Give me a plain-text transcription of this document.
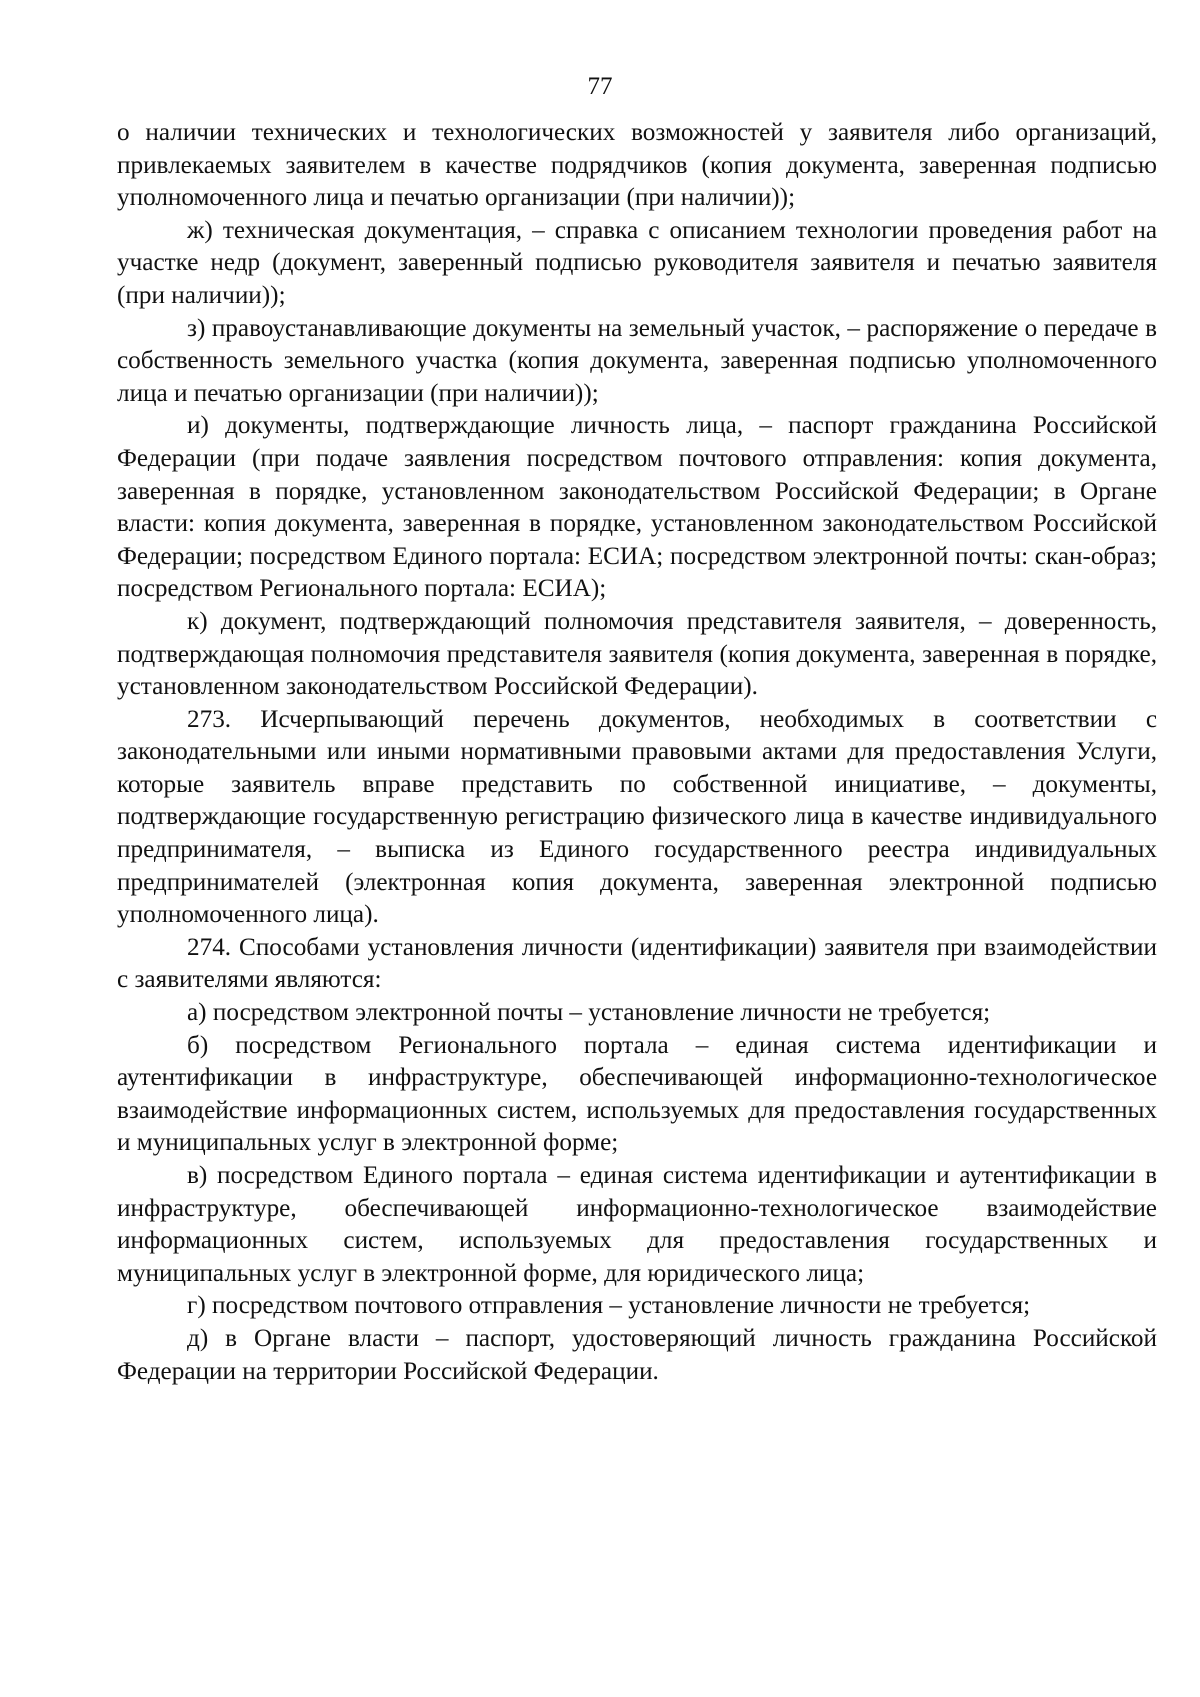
77

о наличии технических и технологических возможностей у заявителя либо организаций, привлекаемых заявителем в качестве подрядчиков (копия документа, заверенная подписью уполномоченного лица и печатью организации (при наличии));

ж) техническая документация, – справка с описанием технологии проведения работ на участке недр (документ, заверенный подписью руководителя заявителя и печатью заявителя (при наличии));

з) правоустанавливающие документы на земельный участок, – распоряжение о передаче в собственность земельного участка (копия документа, заверенная подписью уполномоченного лица и печатью организации (при наличии));

и) документы, подтверждающие личность лица, – паспорт гражданина Российской Федерации (при подаче заявления посредством почтового отправления: копия документа, заверенная в порядке, установленном законодательством Российской Федерации; в Органе власти: копия документа, заверенная в порядке, установленном законодательством Российской Федерации; посредством Единого портала: ЕСИА; посредством электронной почты: скан-образ; посредством Регионального портала: ЕСИА);

к) документ, подтверждающий полномочия представителя заявителя, – доверенность, подтверждающая полномочия представителя заявителя (копия документа, заверенная в порядке, установленном законодательством Российской Федерации).

273. Исчерпывающий перечень документов, необходимых в соответствии с законодательными или иными нормативными правовыми актами для предоставления Услуги, которые заявитель вправе представить по собственной инициативе, – документы, подтверждающие государственную регистрацию физического лица в качестве индивидуального предпринимателя, – выписка из Единого государственного реестра индивидуальных предпринимателей (электронная копия документа, заверенная электронной подписью уполномоченного лица).

274. Способами установления личности (идентификации) заявителя при взаимодействии с заявителями являются:

а) посредством электронной почты – установление личности не требуется;

б) посредством Регионального портала – единая система идентификации и аутентификации в инфраструктуре, обеспечивающей информационно-технологическое взаимодействие информационных систем, используемых для предоставления государственных и муниципальных услуг в электронной форме;

в) посредством Единого портала – единая система идентификации и аутентификации в инфраструктуре, обеспечивающей информационно-технологическое взаимодействие информационных систем, используемых для предоставления государственных и муниципальных услуг в электронной форме, для юридического лица;

г) посредством почтового отправления – установление личности не требуется;

д) в Органе власти – паспорт, удостоверяющий личность гражданина Российской Федерации на территории Российской Федерации.
